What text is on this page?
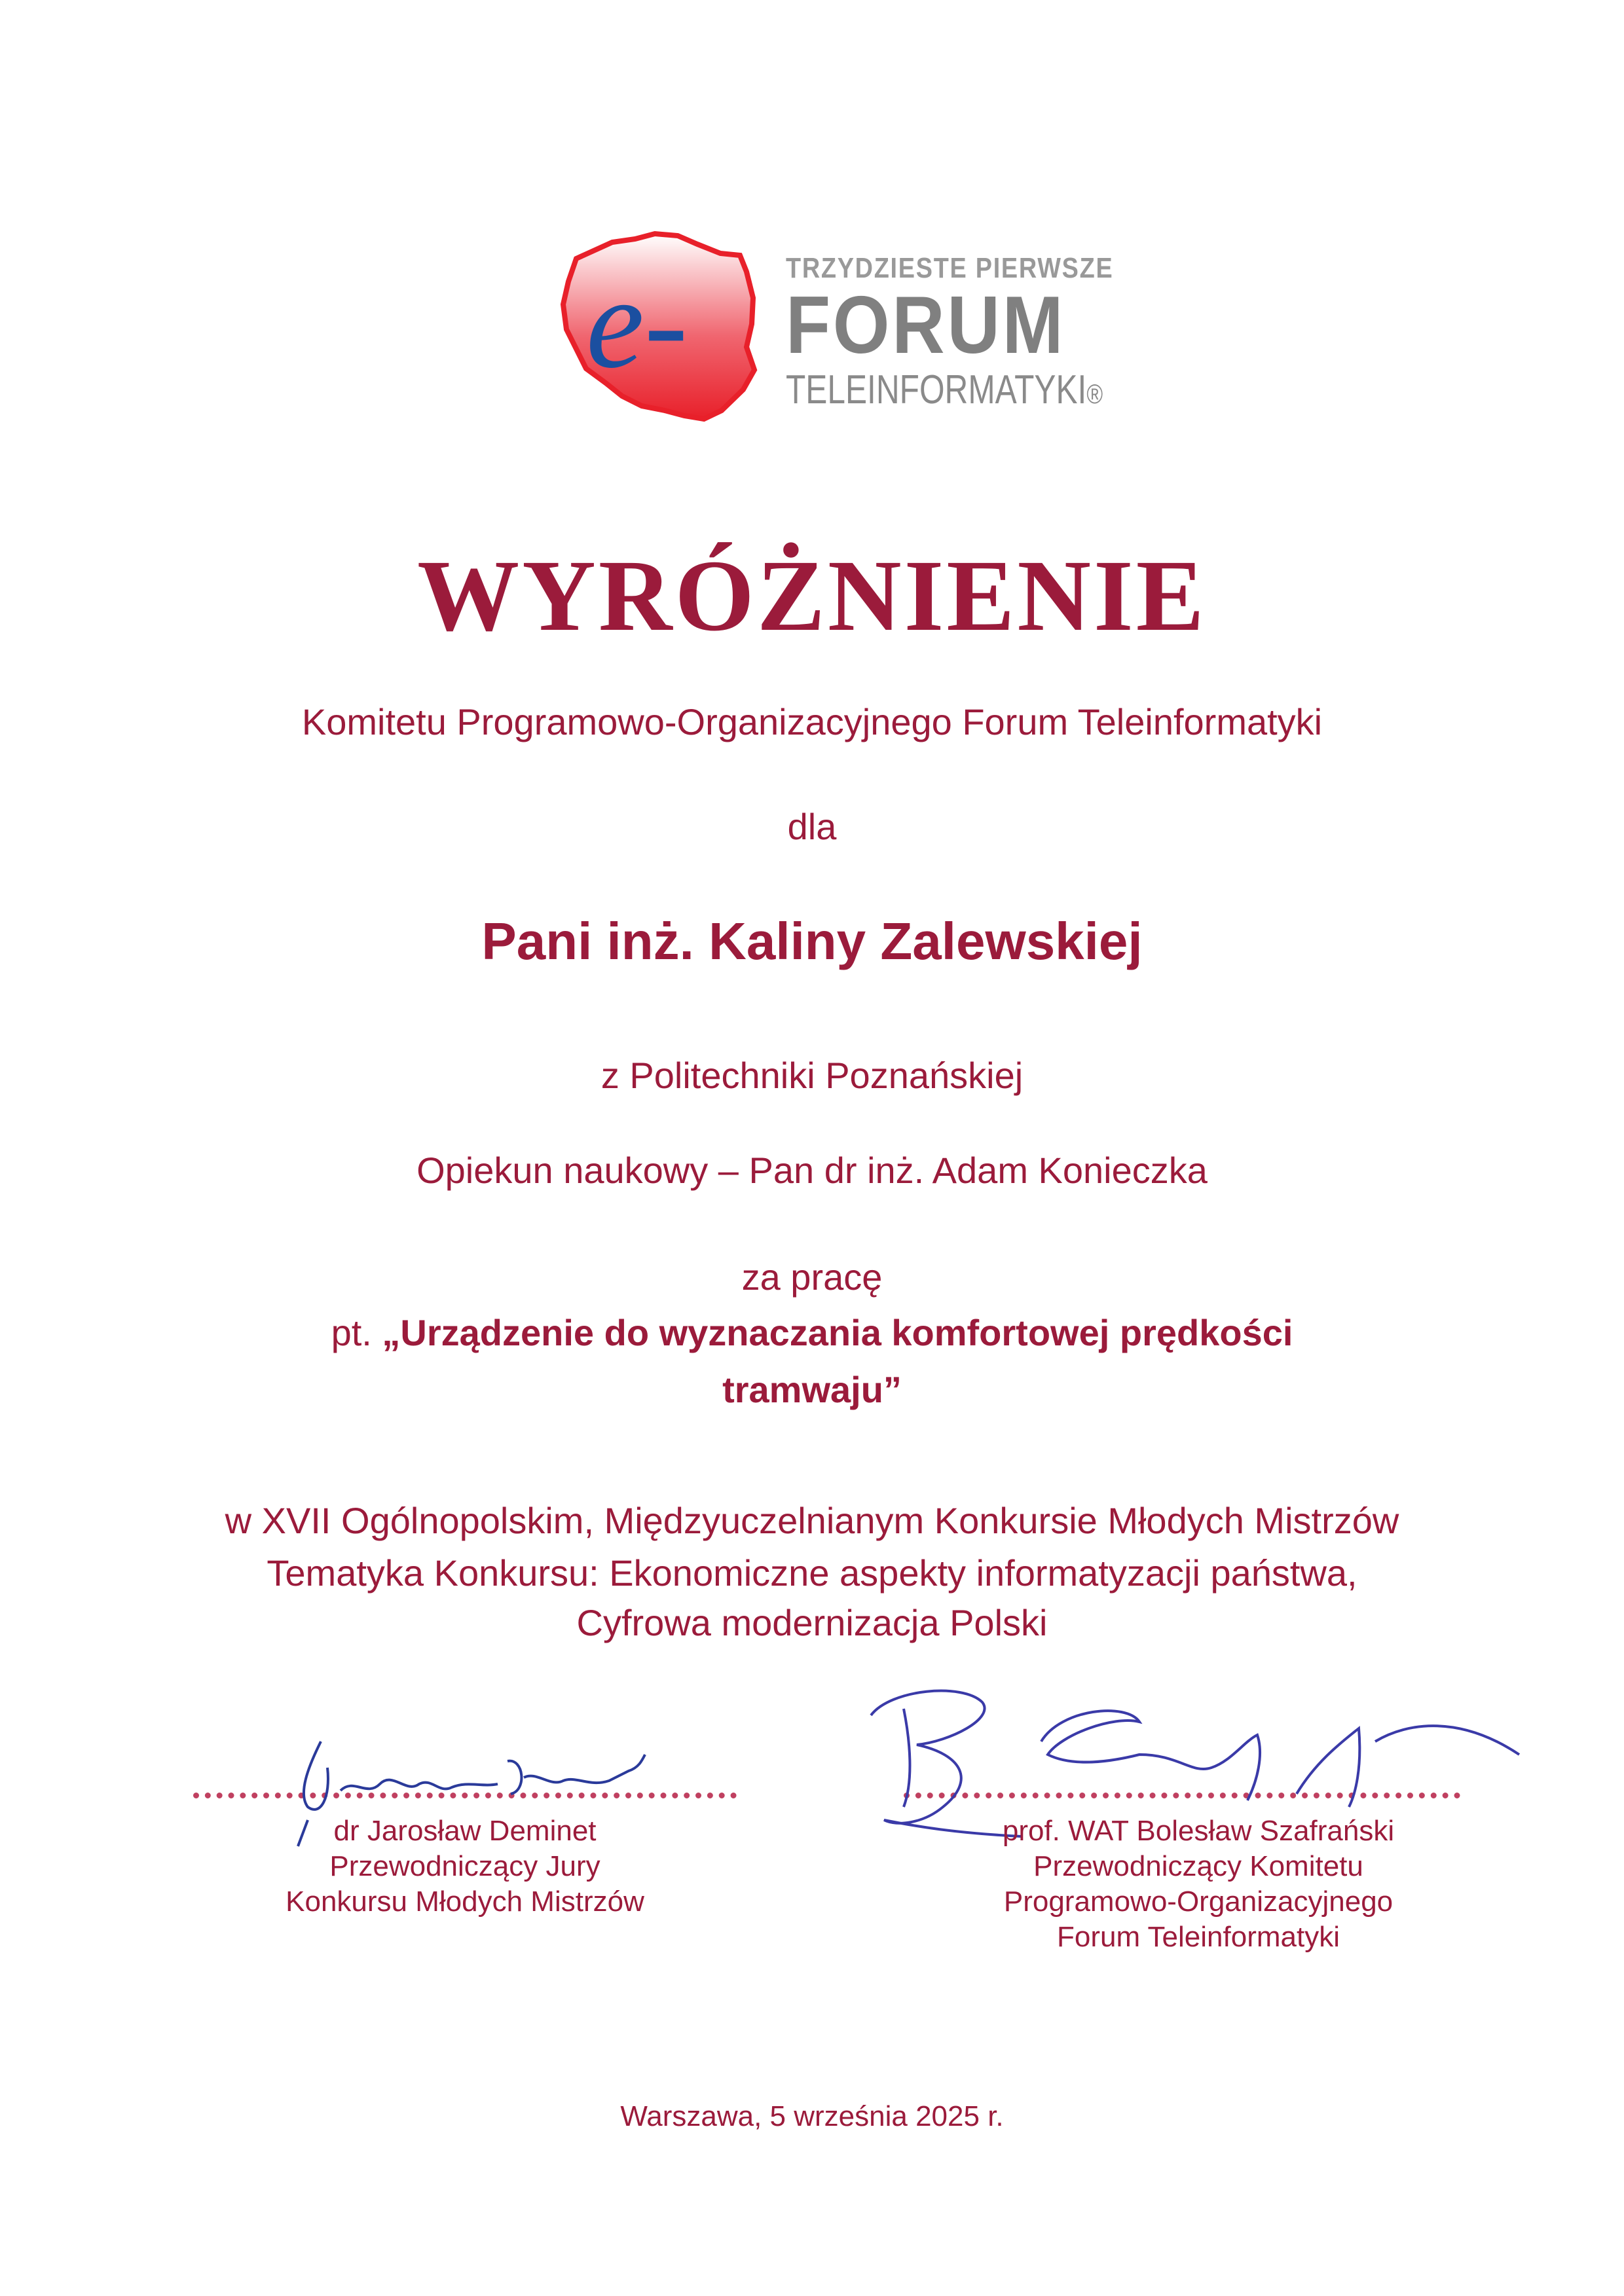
e-	TRZYDZIESTE PIERWSZE
FORUM
TELEINFORMATYKI®
WYRÓŻNIENIE
Komitetu Programowo-Organizacyjnego Forum Teleinformatyki
dla
Pani inż. Kaliny Zalewskiej
z Politechniki Poznańskiej
Opiekun naukowy – Pan dr inż. Adam Konieczka
za pracę
pt. „Urządzenie do wyznaczania komfortowej prędkości
tramwaju”
w XVII Ogólnopolskim, Międzyuczelnianym Konkursie Młodych Mistrzów
Tematyka Konkursu: Ekonomiczne aspekty informatyzacji państwa,
Cyfrowa modernizacja Polski
dr Jarosław Deminet
Przewodniczący Jury
Konkursu Młodych Mistrzów
prof. WAT Bolesław Szafrański
Przewodniczący Komitetu
Programowo-Organizacyjnego
Forum Teleinformatyki
Warszawa, 5 września 2025 r.
